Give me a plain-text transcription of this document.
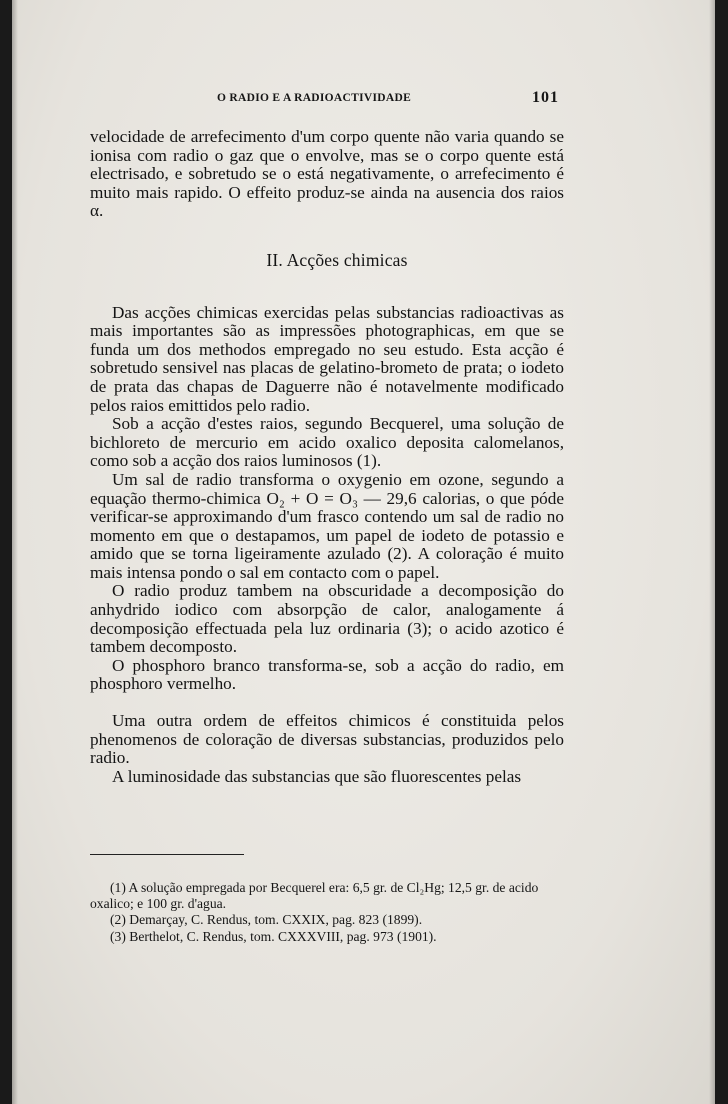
O RADIO E A RADIOACTIVIDADE	101

velocidade de arrefecimento d'um corpo quente não varia quando se ionisa com radio o gaz que o envolve, mas se o corpo quente está electrisado, e sobretudo se o está negativamente, o arrefecimento é muito mais rapido. O effeito produz-se ainda na ausencia dos raios α.

II. Acções chimicas

Das acções chimicas exercidas pelas substancias radioactivas as mais importantes são as impressões photographicas, em que se funda um dos methodos empregado no seu estudo. Esta acção é sobretudo sensivel nas placas de gelatino-brometo de prata; o iodeto de prata das chapas de Daguerre não é notavelmente modificado pelos raios emittidos pelo radio.

Sob a acção d'estes raios, segundo Becquerel, uma solução de bichloreto de mercurio em acido oxalico deposita calomelanos, como sob a acção dos raios luminosos (1).

Um sal de radio transforma o oxygenio em ozone, segundo a equação thermo-chimica O₂ + O = O₃ — 29,6 calorias, o que póde verificar-se approximando d'um frasco contendo um sal de radio no momento em que o destapamos, um papel de iodeto de potassio e amido que se torna ligeiramente azulado (2). A coloração é muito mais intensa pondo o sal em contacto com o papel.

O radio produz tambem na obscuridade a decomposição do anhydrido iodico com absorpção de calor, analogamente á decomposição effectuada pela luz ordinaria (3); o acido azotico é tambem decomposto.

O phosphoro branco transforma-se, sob a acção do radio, em phosphoro vermelho.

Uma outra ordem de effeitos chimicos é constituida pelos phenomenos de coloração de diversas substancias, produzidos pelo radio.

A luminosidade das substancias que são fluorescentes pelas

(1) A solução empregada por Becquerel era: 6,5 gr. de Cl₂Hg; 12,5 gr. de acido oxalico; e 100 gr. d'agua.
(2) Demarçay, C. Rendus, tom. CXXIX, pag. 823 (1899).
(3) Berthelot, C. Rendus, tom. CXXXVIII, pag. 973 (1901).
